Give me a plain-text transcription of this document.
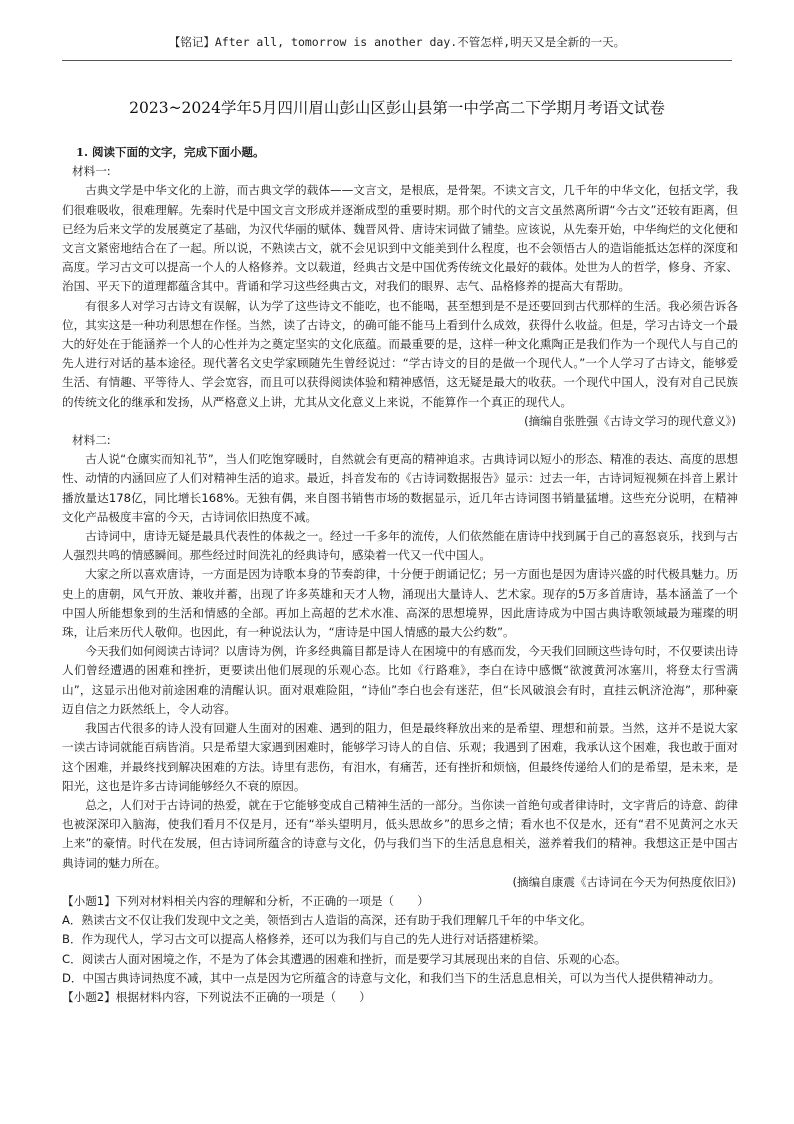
【铭记】After all, tomorrow is another day.不管怎样,明天又是全新的一天。
2023~2024学年5月四川眉山彭山区彭山县第一中学高二下学期月考语文试卷

1. 阅读下面的文字，完成下面小题。

材料一:

古典文学是中华文化的上游，而古典文学的载体——文言文，是根底，是骨架。不读文言文，几千年的中华文化，包括文学，我们很难吸收，很难理解。先秦时代是中国文言文形成并逐渐成型的重要时期。那个时代的文言文虽然离所谓“今古文”还较有距离，但已经为后来文学的发展奠定了基础，为汉代华丽的赋体、魏晋风骨、唐诗宋词做了铺垫。应该说，从先秦开始，中华绚烂的文化便和文言文紧密地结合在了一起。所以说，不熟读古文，就不会见识到中文能美到什么程度，也不会领悟古人的造诣能抵达怎样的深度和高度。学习古文可以提高一个人的人格修养。文以载道，经典古文是中国优秀传统文化最好的载体。处世为人的哲学，修身、齐家、治国、平天下的道理都蕴含其中。背诵和学习这些经典古文，对我们的眼界、志气、品格修养的提高大有帮助。

有很多人对学习古诗文有误解，认为学了这些诗文不能吃，也不能喝，甚至想到是不是还要回到古代那样的生活。我必须告诉各位，其实这是一种功利思想在作怪。当然，读了古诗文，的确可能不能马上看到什么成效，获得什么收益。但是，学习古诗文一个最大的好处在于能涵养一个人的心性并为之奠定坚实的文化底蕴。而最重要的是，这样一种文化熏陶正是我们作为一个现代人与自己的先人进行对话的基本途径。现代著名文史学家顾随先生曾经说过：“学古诗文的目的是做一个现代人。”一个人学习了古诗文，能够爱生活、有情趣、平等待人、学会宽容，而且可以获得阅读体验和精神感悟，这无疑是最大的收获。一个现代中国人，没有对自己民族的传统文化的继承和发扬，从严格意义上讲，尤其从文化意义上来说，不能算作一个真正的现代人。

(摘编自张胜强《古诗文学习的现代意义》)

材料二:

古人说“仓廪实而知礼节”，当人们吃饱穿暖时，自然就会有更高的精神追求。古典诗词以短小的形态、精准的表达、高度的思想性、动情的内涵回应了人们对精神生活的追求。最近，抖音发布的《古诗词数据报告》显示：过去一年，古诗词短视频在抖音上累计播放量达178亿，同比增长168%。无独有偶，来自图书销售市场的数据显示，近几年古诗词图书销量猛增。这些充分说明，在精神文化产品极度丰富的今天，古诗词依旧热度不减。

古诗词中，唐诗无疑是最具代表性的体裁之一。经过一千多年的流传，人们依然能在唐诗中找到属于自己的喜怒哀乐，找到与古人强烈共鸣的情感瞬间。那些经过时间洗礼的经典诗句，感染着一代又一代中国人。

大家之所以喜欢唐诗，一方面是因为诗歌本身的节奏韵律，十分便于朗诵记忆；另一方面也是因为唐诗兴盛的时代极具魅力。历史上的唐朝，风气开放、兼收并蓄，出现了许多英雄和天才人物，涌现出大量诗人、艺术家。现存的5万多首唐诗，基本涵盖了一个中国人所能想象到的生活和情感的全部。再加上高超的艺术水准、高深的思想境界，因此唐诗成为中国古典诗歌领域最为璀璨的明珠，让后来历代人敬仰。也因此，有一种说法认为，“唐诗是中国人情感的最大公约数”。

今天我们如何阅读古诗词？以唐诗为例，许多经典篇目都是诗人在困境中的有感而发，今天我们回顾这些诗句时，不仅要读出诗人们曾经遭遇的困难和挫折，更要读出他们展现的乐观心态。比如《行路难》，李白在诗中感慨“欲渡黄河冰塞川，将登太行雪满山”，这显示出他对前途困难的清醒认识。面对艰难险阻，“诗仙”李白也会有迷茫，但“长风破浪会有时，直挂云帆济沧海”，那种豪迈自信之力跃然纸上，令人动容。

我国古代很多的诗人没有回避人生面对的困难、遇到的阻力，但是最终释放出来的是希望、理想和前景。当然，这并不是说大家一读古诗词就能百病皆消。只是希望大家遇到困难时，能够学习诗人的自信、乐观；我遇到了困难，我承认这个困难，我也敢于面对这个困难，并最终找到解决困难的方法。诗里有悲伤，有泪水，有痛苦，还有挫折和烦恼，但最终传递给人们的是希望，是未来，是阳光，这也是许多古诗词能够经久不衰的原因。

总之，人们对于古诗词的热爱，就在于它能够变成自己精神生活的一部分。当你读一首绝句或者律诗时，文字背后的诗意、韵律也被深深印入脑海，使我们看月不仅是月，还有“举头望明月，低头思故乡”的思乡之情；看水也不仅是水，还有“君不见黄河之水天上来”的豪情。时代在发展，但古诗词所蕴含的诗意与文化，仍与我们当下的生活息息相关，滋养着我们的精神。我想这正是中国古典诗词的魅力所在。

(摘编自康震《古诗词在今天为何热度依旧》)

【小题1】下列对材料相关内容的理解和分析，不正确的一项是（　　）

A．熟读古文不仅让我们发现中文之美，领悟到古人造诣的高深，还有助于我们理解几千年的中华文化。

B．作为现代人，学习古文可以提高人格修养，还可以为我们与自己的先人进行对话搭建桥梁。

C．阅读古人面对困境之作，不是为了体会其遭遇的困难和挫折，而是要学习其展现出来的自信、乐观的心态。

D．中国古典诗词热度不减，其中一点是因为它所蕴含的诗意与文化，和我们当下的生活息息相关，可以为当代人提供精神动力。

【小题2】根据材料内容，下列说法不正确的一项是（　　）
